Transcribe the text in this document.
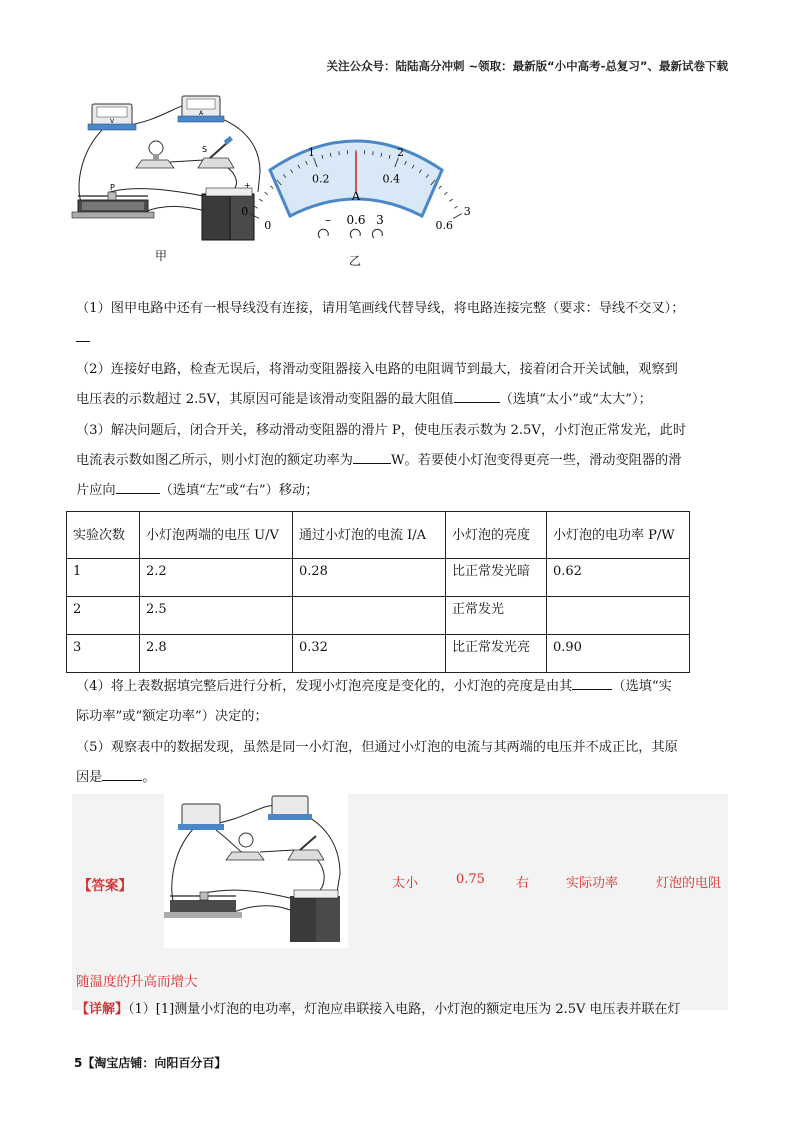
关注公众号：陆陆高分冲刺 ~领取：最新版“小中高考-总复习”、最新试卷下载
V
A
S
P	+
甲
A
0
1	2
3
0
0.2	0.4
0.6
– 0.6 3
乙

（1）图甲电路中还有一根导线没有连接，请用笔画线代替导线，将电路连接完整（要求：导线不交叉）；

（2）连接好电路，检查无误后，将滑动变阻器接入电路的电阻调节到最大，接着闭合开关试触，观察到
电压表的示数超过 2.5V，其原因可能是该滑动变阻器的最大阻值	（选填“太小”或“太大”）；

（3）解决问题后，闭合开关，移动滑动变阻器的滑片 P，使电压表示数为 2.5V，小灯泡正常发光，此时
电流表示数如图乙所示，则小灯泡的额定功率为	W。若要使小灯泡变得更亮一些，滑动变阻器的滑
片应向	（选填“左”或“右”）移动；

实验次数	小灯泡两端的电压 U/V	通过小灯泡的电流 I/A	小灯泡的亮度	小灯泡的电功率 P/W
1	2.2	0.28	比正常发光暗	0.62
2	2.5		正常发光	
3	2.8	0.32	比正常发光亮	0.90

（4）将上表数据填完整后进行分析，发现小灯泡亮度是变化的，小灯泡的亮度是由其	（选填“实
际功率”或“额定功率”）决定的；

（5）观察表中的数据发现，虽然是同一小灯泡，但通过小灯泡的电流与其两端的电压并不成正比，其原
因是	。

【答案】	太小	0.75 右	实际功率	灯泡的电阻
随温度的升高而增大
【详解】（1）[1]测量小灯泡的电功率，灯泡应串联接入电路，小灯泡的额定电压为 2.5V 电压表并联在灯
5【淘宝店铺：向阳百分百】
